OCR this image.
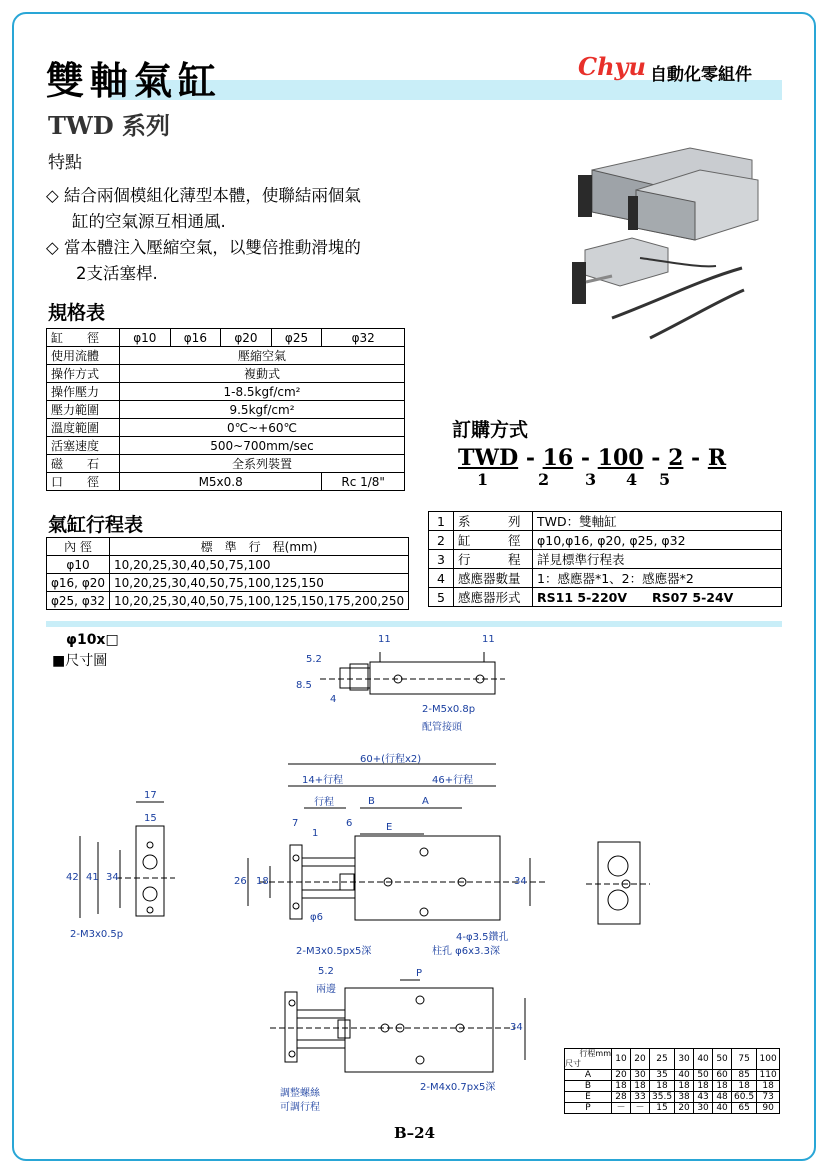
雙軸氣缸
TWD 系列
Chyu 自動化零組件
特點
◇ 結合兩個模組化薄型本體，使聯結兩個氣
缸的空氣源互相通風.
◇ 當本體注入壓縮空氣，以雙倍推動滑塊的
2支活塞桿.
規格表
缸　　徑	φ10	φ16	φ20	φ25	φ32
使用流體	壓縮空氣				
操作方式	複動式				
操作壓力	1-8.5kgf/cm²				
壓力範圍	9.5kgf/cm²				
溫度範圍	0℃~+60℃				
活塞速度	500~700mm/sec				
磁　　石	全系列裝置				
口　　徑	M5x0.8				Rc 1/8"
氣缸行程表
內 徑	標　準　行　程(mm)
φ10	10,20,25,30,40,50,75,100
φ16, φ20	10,20,25,30,40,50,75,100,125,150
φ25, φ32	10,20,25,30,40,50,75,100,125,150,175,200,250
訂購方式
TWD - 16 - 100 - 2 - R
1	2 3 4 5
1	系　　　列	TWD：雙軸缸
2	缸　　　徑	φ10,φ16, φ20, φ25, φ32
3	行　　　程	詳見標準行程表
4	感應器數量	1：感應器*1、2：感應器*2
5	感應器形式	RS11 5-220V　　RS07 5-24V
φ10x□
■尺寸圖
11	11
5.2
8.5
4
2-M5x0.8p
配管接頭
60+(行程x2)
14+行程	46+行程
行程	B	A
7
1
6	E
17
15
42 41 34
2-M3x0.5p
26 18
φ6
34
4-φ3.5鑽孔
柱孔 φ6x3.3深
2-M3x0.5px5深
5.2
兩邊
P
34
調整螺絲
可調行程
2-M4x0.7px5深
行程mm
尺寸	10	20	25	30	40	50	75	100
A	20	30	35	40	50	60	85	110
B	18	18	18	18	18	18	18	18
E	28	33	35.5	38	43	48	60.5	73
P	－	－	15	20	30	40	65	90
B–24
